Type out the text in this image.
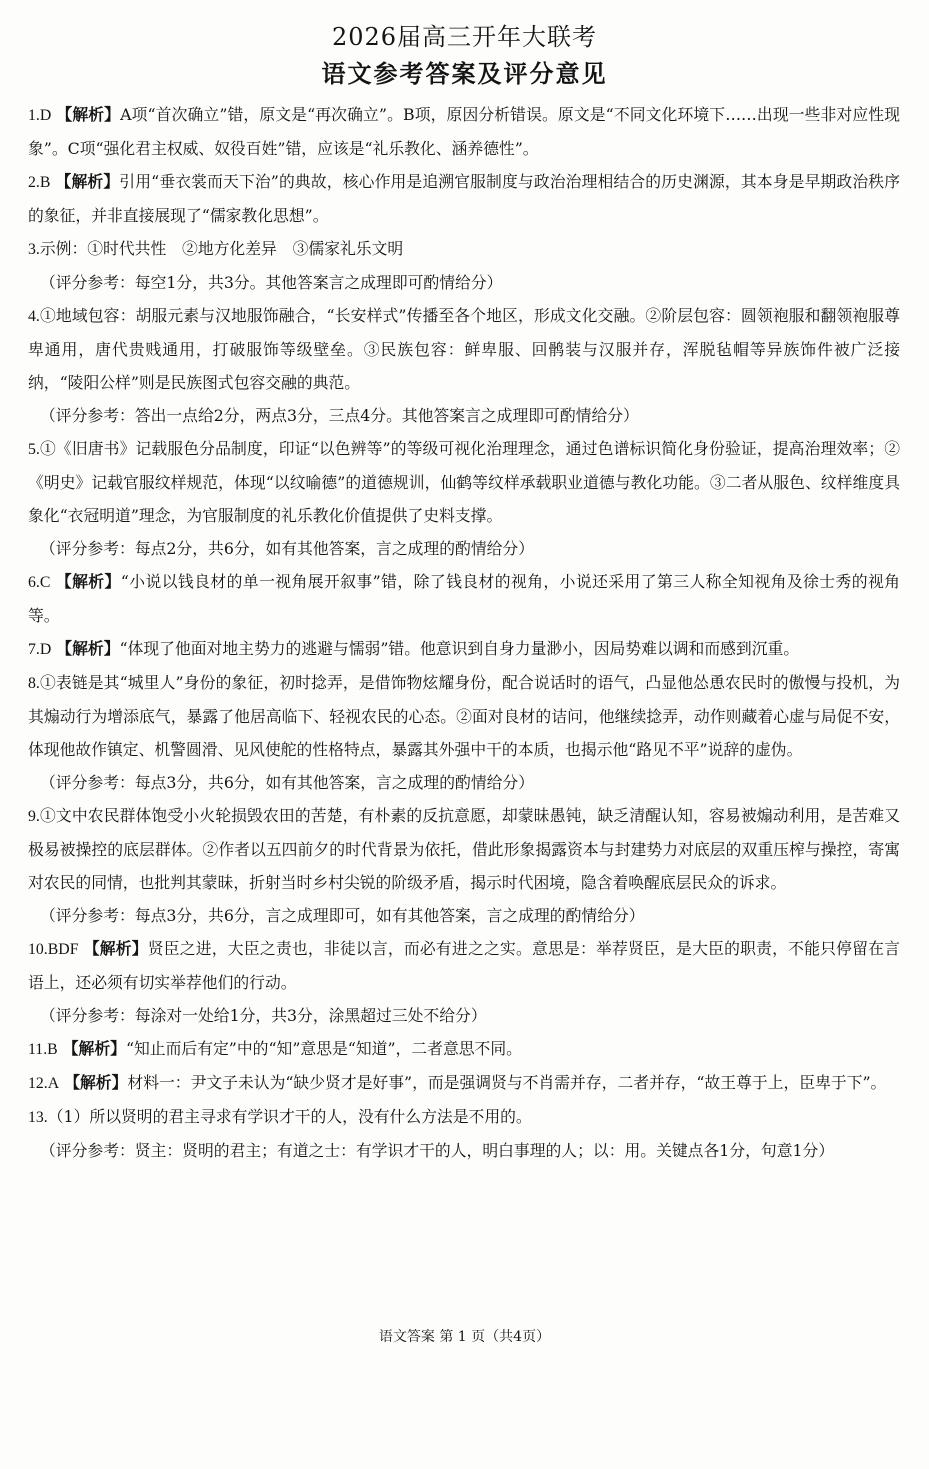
2026届高三开年大联考
语文参考答案及评分意见

1.D 【解析】A项“首次确立”错，原文是“再次确立”。B项，原因分析错误。原文是“不同文化环境下……出现一些非对应性现象”。C项“强化君主权威、奴役百姓”错，应该是“礼乐教化、涵养德性”。

2.B 【解析】引用“垂衣裳而天下治”的典故，核心作用是追溯官服制度与政治治理相结合的历史渊源，其本身是早期政治秩序的象征，并非直接展现了“儒家教化思想”。

3.示例：①时代共性　②地方化差异　③儒家礼乐文明

（评分参考：每空1分，共3分。其他答案言之成理即可酌情给分）

4.①地域包容：胡服元素与汉地服饰融合，“长安样式”传播至各个地区，形成文化交融。②阶层包容：圆领袍服和翻领袍服尊卑通用，唐代贵贱通用，打破服饰等级壁垒。③民族包容：鲜卑服、回鹘装与汉服并存，浑脱毡帽等异族饰件被广泛接纳，“陵阳公样”则是民族图式包容交融的典范。

（评分参考：答出一点给2分，两点3分，三点4分。其他答案言之成理即可酌情给分）

5.①《旧唐书》记载服色分品制度，印证“以色辨等”的等级可视化治理理念，通过色谱标识简化身份验证，提高治理效率；②《明史》记载官服纹样规范，体现“以纹喻德”的道德规训，仙鹤等纹样承载职业道德与教化功能。③二者从服色、纹样维度具象化“衣冠明道”理念，为官服制度的礼乐教化价值提供了史料支撑。

（评分参考：每点2分，共6分，如有其他答案，言之成理的酌情给分）

6.C 【解析】“小说以钱良材的单一视角展开叙事”错，除了钱良材的视角，小说还采用了第三人称全知视角及徐士秀的视角等。

7.D 【解析】“体现了他面对地主势力的逃避与懦弱”错。他意识到自身力量渺小，因局势难以调和而感到沉重。

8.①表链是其“城里人”身份的象征，初时捻弄，是借饰物炫耀身份，配合说话时的语气，凸显他怂恿农民时的傲慢与投机，为其煽动行为增添底气，暴露了他居高临下、轻视农民的心态。②面对良材的诘问，他继续捻弄，动作则藏着心虚与局促不安，体现他故作镇定、机警圆滑、见风使舵的性格特点，暴露其外强中干的本质，也揭示他“路见不平”说辞的虚伪。

（评分参考：每点3分，共6分，如有其他答案，言之成理的酌情给分）

9.①文中农民群体饱受小火轮损毁农田的苦楚，有朴素的反抗意愿，却蒙昧愚钝，缺乏清醒认知，容易被煽动利用，是苦难又极易被操控的底层群体。②作者以五四前夕的时代背景为依托，借此形象揭露资本与封建势力对底层的双重压榨与操控，寄寓对农民的同情，也批判其蒙昧，折射当时乡村尖锐的阶级矛盾，揭示时代困境，隐含着唤醒底层民众的诉求。

（评分参考：每点3分，共6分，言之成理即可，如有其他答案，言之成理的酌情给分）

10.BDF 【解析】贤臣之进，大臣之责也，非徒以言，而必有进之之实。意思是：举荐贤臣，是大臣的职责，不能只停留在言语上，还必须有切实举荐他们的行动。

（评分参考：每涂对一处给1分，共3分，涂黑超过三处不给分）

11.B 【解析】“知止而后有定”中的“知”意思是“知道”，二者意思不同。

12.A 【解析】材料一：尹文子未认为“缺少贤才是好事”，而是强调贤与不肖需并存，二者并存，“故王尊于上，臣卑于下”。

13.（1）所以贤明的君主寻求有学识才干的人，没有什么方法是不用的。

（评分参考：贤主：贤明的君主；有道之士：有学识才干的人，明白事理的人；以：用。关键点各1分，句意1分）

语文答案 第 1 页（共4页）
